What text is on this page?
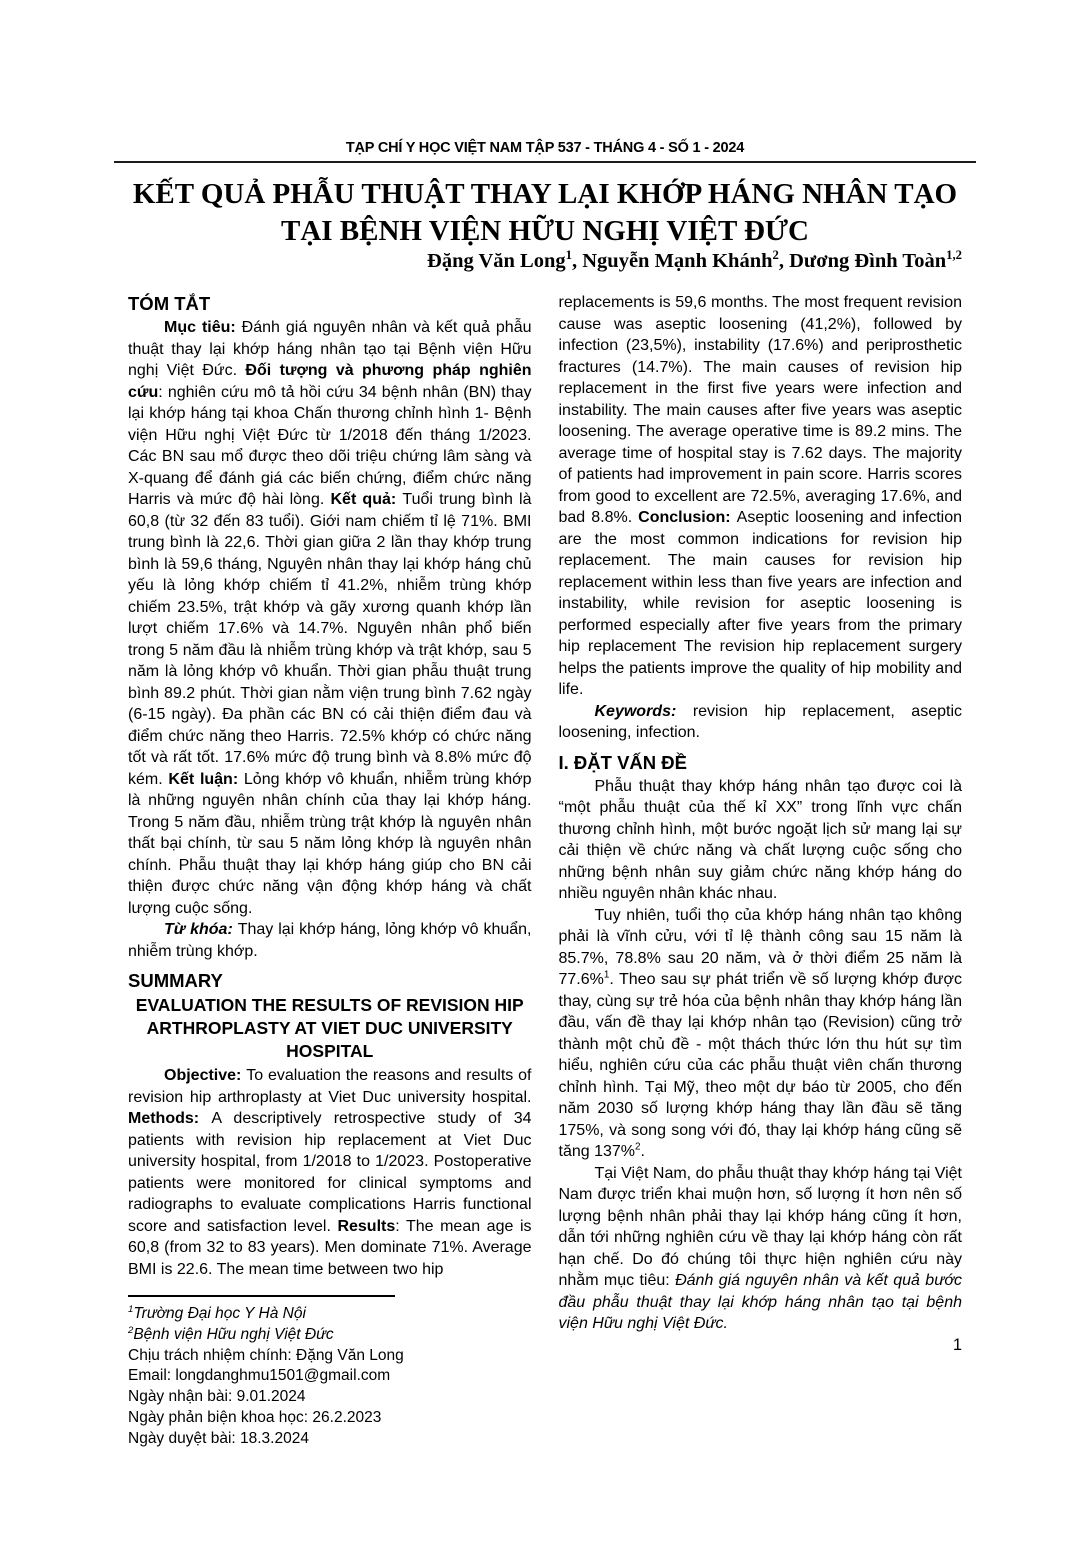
TẠP CHÍ Y HỌC VIỆT NAM TẬP 537 - THÁNG 4 - SỐ 1 - 2024
KẾT QUẢ PHẪU THUẬT THAY LẠI KHỚP HÁNG NHÂN TẠO
TẠI BỆNH VIỆN HỮU NGHỊ VIỆT ĐỨC
Đặng Văn Long$^1$, Nguyễn Mạnh Khánh$^2$, Dương Đình Toàn$^{1,2}$
TÓM TẮT

Mục tiêu: Đánh giá nguyên nhân và kết quả phẫu thuật thay lại khớp háng nhân tạo tại Bệnh viện Hữu nghị Việt Đức. Đối tượng và phương pháp nghiên cứu: nghiên cứu mô tả hồi cứu 34 bệnh nhân (BN) thay lại khớp háng tại khoa Chấn thương chỉnh hình 1- Bệnh viện Hữu nghị Việt Đức từ 1/2018 đến tháng 1/2023. Các BN sau mổ được theo dõi triệu chứng lâm sàng và X-quang để đánh giá các biến chứng, điểm chức năng Harris và mức độ hài lòng. Kết quả: Tuổi trung bình là 60,8 (từ 32 đến 83 tuổi). Giới nam chiếm tỉ lệ 71%. BMI trung bình là 22,6. Thời gian giữa 2 lần thay khớp trung bình là 59,6 tháng, Nguyên nhân thay lại khớp háng chủ yếu là lỏng khớp chiếm tỉ 41.2%, nhiễm trùng khớp chiếm 23.5%, trật khớp và gãy xương quanh khớp lần lượt chiếm 17.6% và 14.7%. Nguyên nhân phổ biến trong 5 năm đầu là nhiễm trùng khớp và trật khớp, sau 5 năm là lỏng khớp vô khuẩn. Thời gian phẫu thuật trung bình 89.2 phút. Thời gian nằm viện trung bình 7.62 ngày (6-15 ngày). Đa phần các BN có cải thiện điểm đau và điểm chức năng theo Harris. 72.5% khớp có chức năng tốt và rất tốt. 17.6% mức độ trung bình và 8.8% mức độ kém. Kết luận: Lỏng khớp vô khuẩn, nhiễm trùng khớp là những nguyên nhân chính của thay lại khớp háng. Trong 5 năm đầu, nhiễm trùng trật khớp là nguyên nhân thất bại chính, từ sau 5 năm lỏng khớp là nguyên nhân chính. Phẫu thuật thay lại khớp háng giúp cho BN cải thiện được chức năng vận động khớp háng và chất lượng cuộc sống.

Từ khóa: Thay lại khớp háng, lỏng khớp vô khuẩn, nhiễm trùng khớp.

SUMMARY
EVALUATION THE RESULTS OF REVISION HIP ARTHROPLASTY AT VIET DUC UNIVERSITY HOSPITAL

Objective: To evaluation the reasons and results of revision hip arthroplasty at Viet Duc university hospital. Methods: A descriptively retrospective study of 34 patients with revision hip replacement at Viet Duc university hospital, from 1/2018 to 1/2023. Postoperative patients were monitored for clinical symptoms and radiographs to evaluate complications Harris functional score and satisfaction level. Results: The mean age is 60,8 (from 32 to 83 years). Men dominate 71%. Average BMI is 22.6. The mean time between two hip

$^1$Trường Đại học Y Hà Nội
$^2$Bệnh viện Hữu nghị Việt Đức
Chịu trách nhiệm chính: Đặng Văn Long
Email: longdanghmu1501@gmail.com
Ngày nhận bài: 9.01.2024
Ngày phản biện khoa học: 26.2.2023
Ngày duyệt bài: 18.3.2024

replacements is 59,6 months. The most frequent revision cause was aseptic loosening (41,2%), followed by infection (23,5%), instability (17.6%) and periprosthetic fractures (14.7%). The main causes of revision hip replacement in the first five years were infection and instability. The main causes after five years was aseptic loosening. The average operative time is 89.2 mins. The average time of hospital stay is 7.62 days. The majority of patients had improvement in pain score. Harris scores from good to excellent are 72.5%, averaging 17.6%, and bad 8.8%. Conclusion: Aseptic loosening and infection are the most common indications for revision hip replacement. The main causes for revision hip replacement within less than five years are infection and instability, while revision for aseptic loosening is performed especially after five years from the primary hip replacement The revision hip replacement surgery helps the patients improve the quality of hip mobility and life.

Keywords: revision hip replacement, aseptic loosening, infection.

I. ĐẶT VẤN ĐỀ

Phẫu thuật thay khớp háng nhân tạo được coi là “một phẫu thuật của thế kỉ XX” trong lĩnh vực chấn thương chỉnh hình, một bước ngoặt lịch sử mang lại sự cải thiện về chức năng và chất lượng cuộc sống cho những bệnh nhân suy giảm chức năng khớp háng do nhiều nguyên nhân khác nhau.

Tuy nhiên, tuổi thọ của khớp háng nhân tạo không phải là vĩnh cửu, với tỉ lệ thành công sau 15 năm là 85.7%, 78.8% sau 20 năm, và ở thời điểm 25 năm là 77.6%$^1$. Theo sau sự phát triển về số lượng khớp được thay, cùng sự trẻ hóa của bệnh nhân thay khớp háng lần đầu, vấn đề thay lại khớp nhân tạo (Revision) cũng trở thành một chủ đề - một thách thức lớn thu hút sự tìm hiểu, nghiên cứu của các phẫu thuật viên chấn thương chỉnh hình. Tại Mỹ, theo một dự báo từ 2005, cho đến năm 2030 số lượng khớp háng thay lần đầu sẽ tăng 175%, và song song với đó, thay lại khớp háng cũng sẽ tăng 137%$^2$.

Tại Việt Nam, do phẫu thuật thay khớp háng tại Việt Nam được triển khai muộn hơn, số lượng ít hơn nên số lượng bệnh nhân phải thay lại khớp háng cũng ít hơn, dẫn tới những nghiên cứu về thay lại khớp háng còn rất hạn chế. Do đó chúng tôi thực hiện nghiên cứu này nhằm mục tiêu: Đánh giá nguyên nhân và kết quả bước đầu phẫu thuật thay lại khớp háng nhân tạo tại bệnh viện Hữu nghị Việt Đức.

1
